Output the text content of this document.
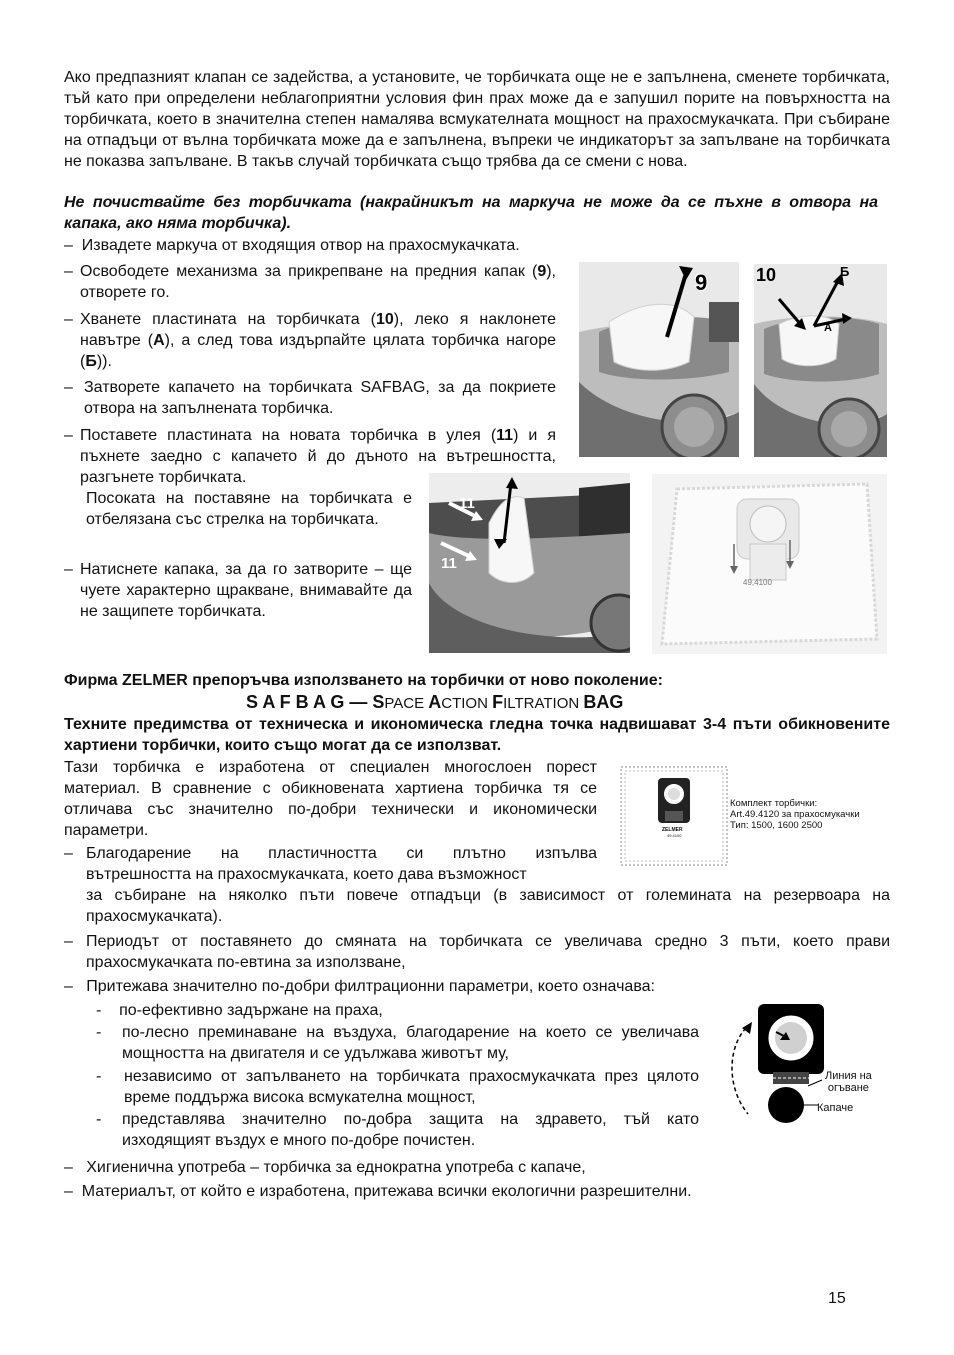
Ако предпазният клапан се задейства, а установите, че торбичката още не е запълнена, сменете торбичката, тъй като при определени неблагоприятни условия фин прах може да е запушил порите на повърхността на торбичката, което в значителна степен намалява всмукателната мощност на прахосмукачката. При събиране на отпадъци от вълна торбичката може да е запълнена, въпреки че индикаторът за запълване на торбичката не показва запълване. В такъв случай торбичката също трябва да се смени с нова.
Не почиствайте без торбичката (накрайникът на маркуча не може да се пъхне в отвора на капака, ако няма торбичка).
– Извадете маркуча от входящия отвор на прахосмукачката.
– Освободете механизма за прикрепване на предния капак (9), отворете го.
– Хванете пластината на торбичката (10), леко я наклонете навътре (А), а след това издърпайте цялата торбичка нагоре (Б)).
– Затворете капачето на торбичката SAFBAG, за да покриете отвора на запълнената торбичка.
– Поставете пластината на новата торбичка в улея (11) и я пъхнете заедно с капачето й до дъното на вътрешността, разгънете торбичката.
Посоката на поставяне на торбичката е отбелязана със стрелка на торбичката.
– Натиснете капака, за да го затворите – ще чуете характерно щракване, внимавайте да не защипете торбичката.
9	10	Б
А
11
11
49,4100
Фирма ZELMER препоръчва използването на торбички от ново поколение:
S A F B A G — SPACE ACTION FILTRATION BAG
Техните предимства от техническа и икономическа гледна точка надвишават 3-4 пъти обикновените хартиени торбички, които също могат да се използват.
Тази торбичка е изработена от специален многослоен порест материал. В сравнение с обикновената хартиена торбичка тя се отличава със значително по-добри технически и икономически параметри.	ZELMER
49.4100
Комплект торбички:
Art.49.4120 за прахосмукачки
Тип: 1500, 1600 2500
– Благодарение на пластичността си плътно изпълва
вътрешността на прахосмукачката, което дава възможност
за събиране на няколко пъти повече отпадъци (в зависимост от големината на резервоара на прахосмукачката).
– Периодът от поставянето до смяната на торбичката се увеличава средно 3 пъти, което прави прахосмукачката по-евтина за използване,
– Притежава значително по-добри филтрационни параметри, което означава:
- по-ефективно задържане на праха,
- по-лесно преминаване на въздуха, благодарение на което се увеличава мощността на двигателя и се удължава животът му,
- независимо от запълването на торбичката прахосмукачката през цялото време поддържа висока всмукателна мощност,
- представлява значително по-добра защита на здравето, тъй като изходящият въздух е много по-добре почистен.
Линия на
огъване
Капаче
– Хигиенична употреба – торбичка за еднократна употреба с капаче,
– Материалът, от който е изработена, притежава всички екологични разрешителни.
15
